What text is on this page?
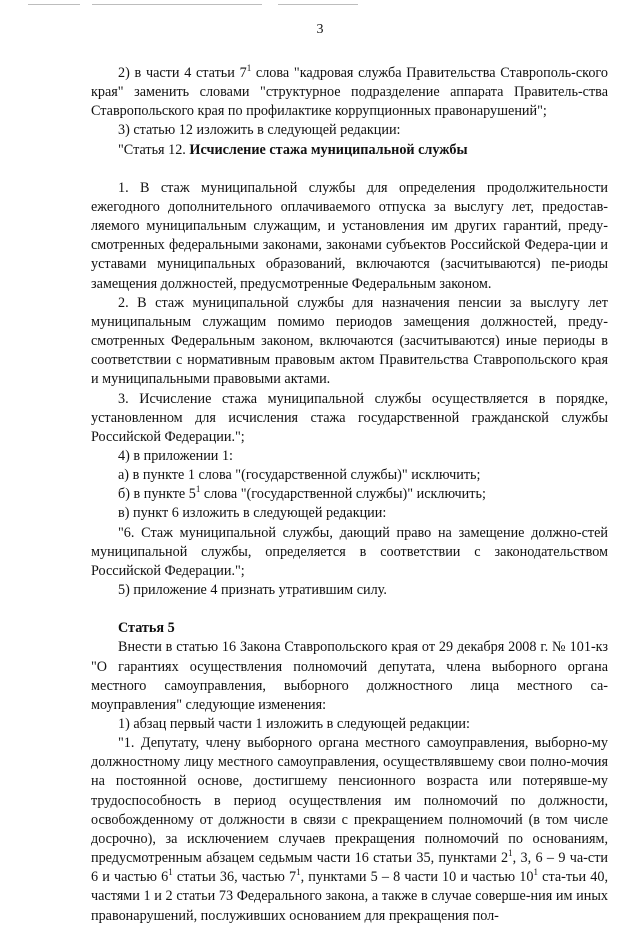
3

2) в части 4 статьи $7^1$ слова "кадровая служба Правительства Ставрополь-ского края" заменить словами "структурное подразделение аппарата Правитель-ства Ставропольского края по профилактике коррупционных правонарушений";

3) статью 12 изложить в следующей редакции:

"Статья 12. Исчисление стажа муниципальной службы

1. В стаж муниципальной службы для определения продолжительности ежегодного дополнительного оплачиваемого отпуска за выслугу лет, предостав-ляемого муниципальным служащим, и установления им других гарантий, преду-смотренных федеральными законами, законами субъектов Российской Федера-ции и уставами муниципальных образований, включаются (засчитываются) пе-риоды замещения должностей, предусмотренные Федеральным законом.

2. В стаж муниципальной службы для назначения пенсии за выслугу лет муниципальным служащим помимо периодов замещения должностей, преду-смотренных Федеральным законом, включаются (засчитываются) иные периоды в соответствии с нормативным правовым актом Правительства Ставропольского края и муниципальными правовыми актами.

3. Исчисление стажа муниципальной службы осуществляется в порядке, установленном для исчисления стажа государственной гражданской службы Российской Федерации.";

4) в приложении 1:

а) в пункте 1 слова "(государственной службы)" исключить;

б) в пункте $5^1$ слова "(государственной службы)" исключить;

в) пункт 6 изложить в следующей редакции:

"6. Стаж муниципальной службы, дающий право на замещение должно-стей муниципальной службы, определяется в соответствии с законодательством Российской Федерации.";

5) приложение 4 признать утратившим силу.

Статья 5

Внести в статью 16 Закона Ставропольского края от 29 декабря 2008 г. № 101-кз "О гарантиях осуществления полномочий депутата, члена выборного органа местного самоуправления, выборного должностного лица местного са-моуправления" следующие изменения:

1) абзац первый части 1 изложить в следующей редакции:

"1. Депутату, члену выборного органа местного самоуправления, выборно-му должностному лицу местного самоуправления, осуществлявшему свои полно-мочия на постоянной основе, достигшему пенсионного возраста или потерявше-му трудоспособность в период осуществления им полномочий по должности, освобожденному от должности в связи с прекращением полномочий (в том числе досрочно), за исключением случаев прекращения полномочий по основаниям, предусмотренным абзацем седьмым части 16 статьи 35, пунктами $2^1$, 3, 6 – 9 ча-сти 6 и частью $6^1$ статьи 36, частью $7^1$, пунктами 5 – 8 части 10 и частью $10^1$ ста-тьи 40, частями 1 и 2 статьи 73 Федерального закона, а также в случае соверше-ния им иных правонарушений, послуживших основанием для прекращения пол-
